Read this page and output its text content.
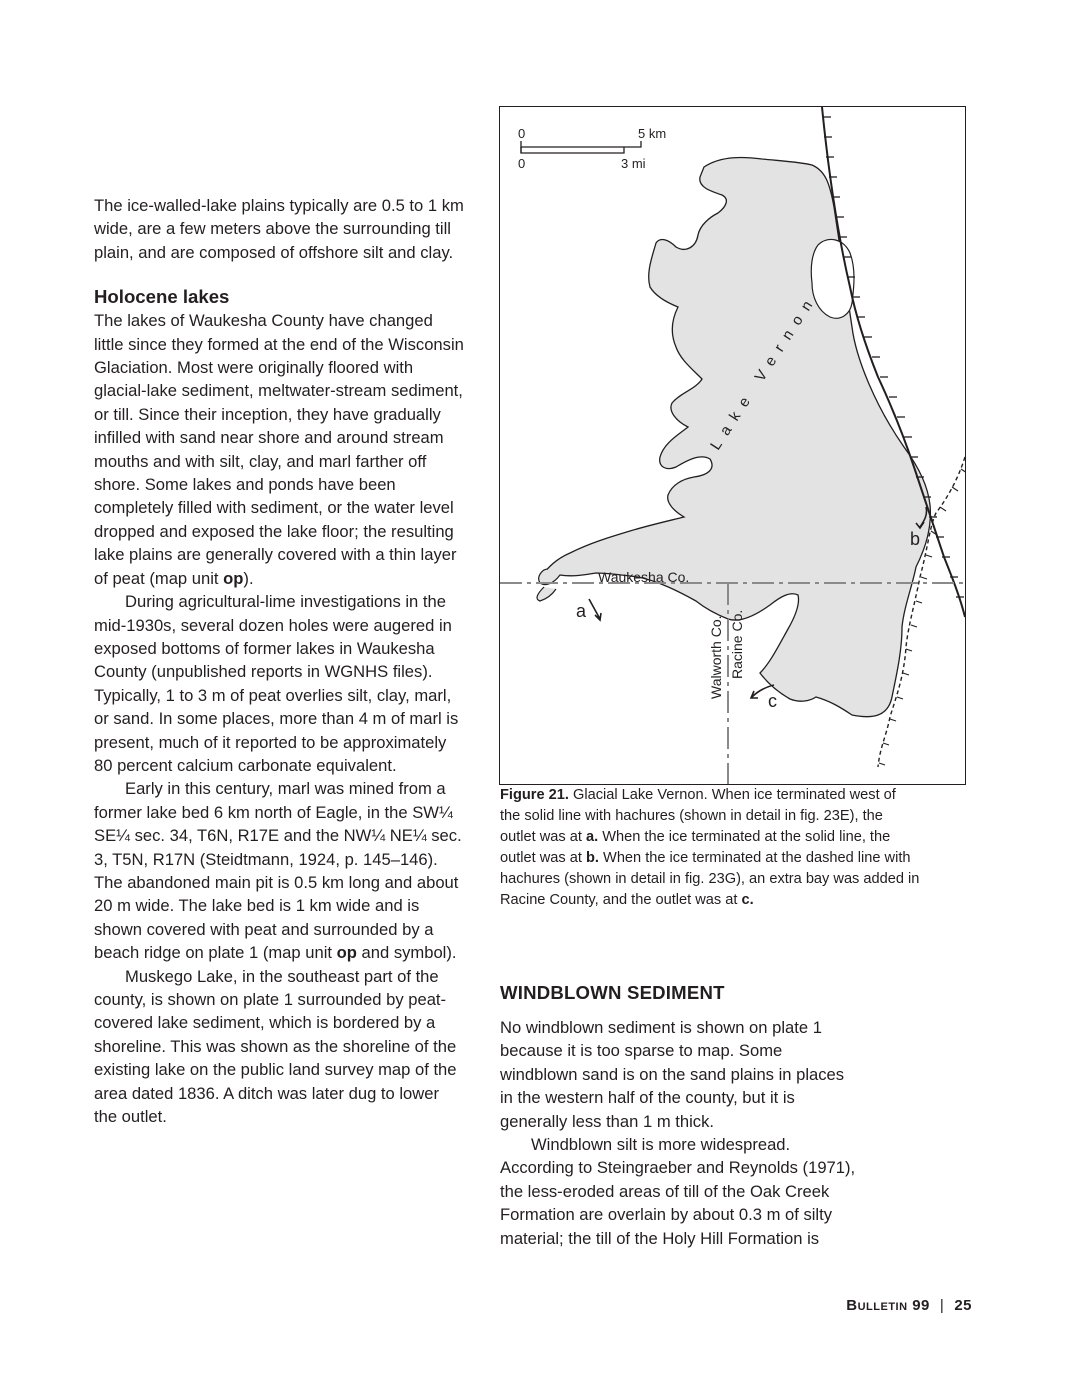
The ice-walled-lake plains typically are 0.5 to 1 km wide, are a few meters above the surrounding till plain, and are composed of offshore silt and clay.

Holocene lakes

The lakes of Waukesha County have changed little since they formed at the end of the Wisconsin Glaciation. Most were originally floored with glacial-lake sediment, meltwater-stream sediment, or till. Since their inception, they have gradually infilled with sand near shore and around stream mouths and with silt, clay, and marl farther off shore. Some lakes and ponds have been completely filled with sediment, or the water level dropped and exposed the lake floor; the resulting lake plains are generally covered with a thin layer of peat (map unit op).

During agricultural-lime investigations in the mid-1930s, several dozen holes were augered in exposed bottoms of former lakes in Waukesha County (unpublished reports in WGNHS files). Typically, 1 to 3 m of peat overlies silt, clay, marl, or sand. In some places, more than 4 m of marl is present, much of it reported to be approximately 80 percent calcium carbonate equivalent.

Early in this century, marl was mined from a former lake bed 6 km north of Eagle, in the SW¼ SE¼ sec. 34, T6N, R17E and the NW¼ NE¼ sec. 3, T5N, R17N (Steidtmann, 1924, p. 145–146). The abandoned main pit is 0.5 km long and about 20 m wide. The lake bed is 1 km wide and is shown covered with peat and surrounded by a beach ridge on plate 1 (map unit op and symbol).

Muskego Lake, in the southeast part of the county, is shown on plate 1 surrounded by peat-covered lake sediment, which is bordered by a shoreline. This was shown as the shoreline of the existing lake on the public land survey map of the area dated 1836. A ditch was later dug to lower the outlet.

0	5 km
0	3 mi
Lake Vernon
Waukesha Co.
Walworth Co. Racine Co.
a
b
c
Figure 21. Glacial Lake Vernon. When ice terminated west of the solid line with hachures (shown in detail in fig. 23E), the outlet was at a. When the ice terminated at the solid line, the outlet was at b. When the ice terminated at the dashed line with hachures (shown in detail in fig. 23G), an extra bay was added in Racine County, and the outlet was at c.
WINDBLOWN SEDIMENT

No windblown sediment is shown on plate 1 because it is too sparse to map. Some windblown sand is on the sand plains in places in the western half of the county, but it is generally less than 1 m thick.

Windblown silt is more widespread. According to Steingraeber and Reynolds (1971), the less-eroded areas of till of the Oak Creek Formation are overlain by about 0.3 m of silty material; the till of the Holy Hill Formation is

Bulletin 99 | 25
